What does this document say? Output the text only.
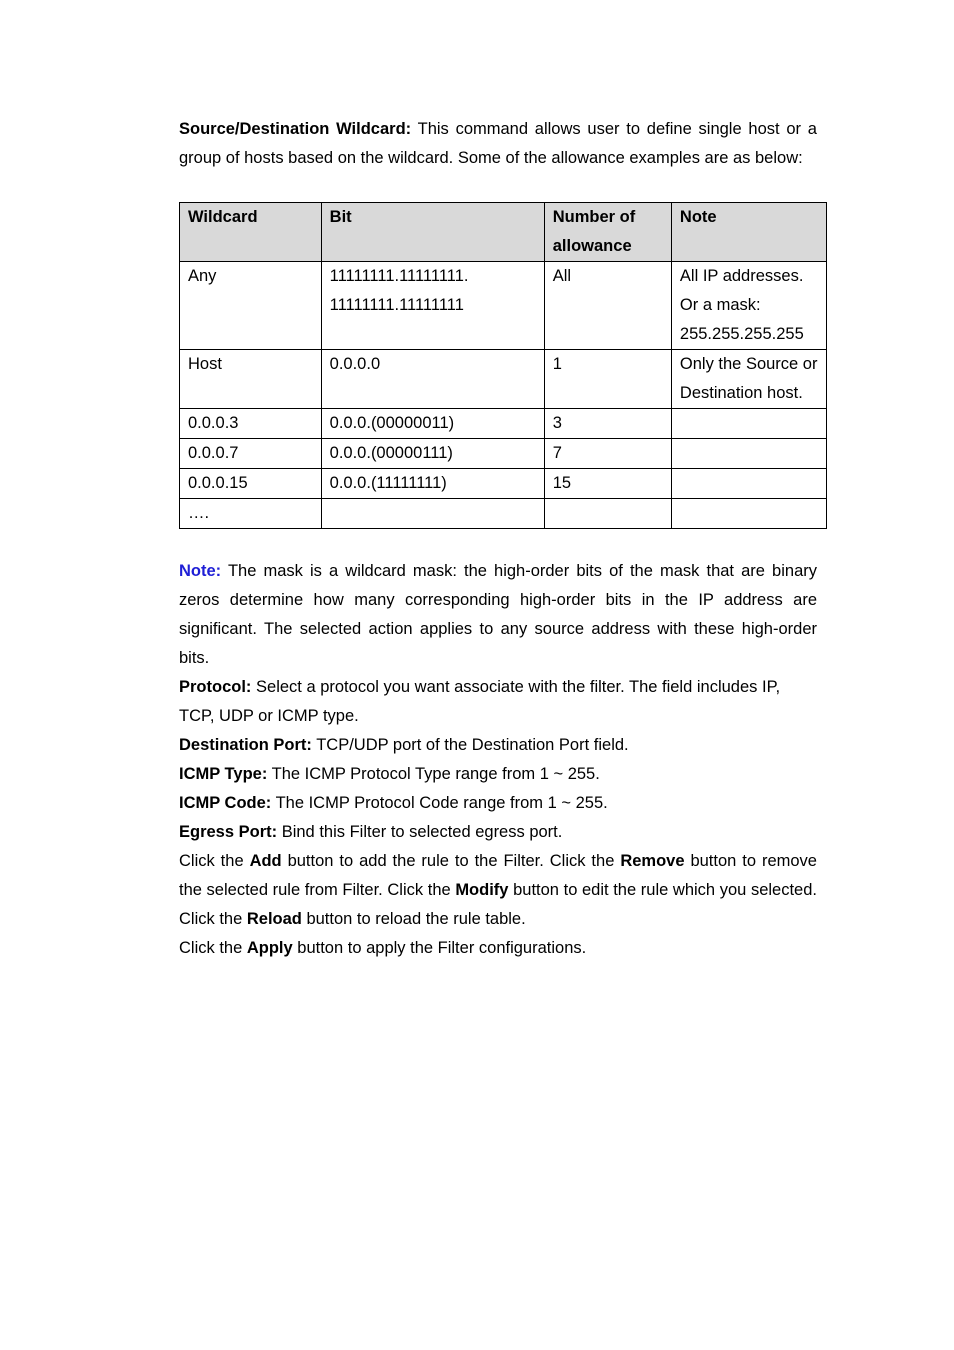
Source/Destination Wildcard: This command allows user to define single host or a group of hosts based on the wildcard. Some of the allowance examples are as below:

Wildcard	Bit	Number of allowance	Note
Any	11111111.11111111. 11111111.11111111	All	All IP addresses. Or a mask: 255.255.255.255
Host	0.0.0.0	1	Only the Source or Destination host.
0.0.0.3	0.0.0.(00000011)	3	
0.0.0.7	0.0.0.(00000111)	7	
0.0.0.15	0.0.0.(11111111)	15	
….			

Note: The mask is a wildcard mask: the high-order bits of the mask that are binary zeros determine how many corresponding high-order bits in the IP address are significant. The selected action applies to any source address with these high-order bits.

Protocol: Select a protocol you want associate with the filter. The field includes IP, TCP, UDP or ICMP type.

Destination Port: TCP/UDP port of the Destination Port field.

ICMP Type: The ICMP Protocol Type range from 1 ~ 255.

ICMP Code: The ICMP Protocol Code range from 1 ~ 255.

Egress Port: Bind this Filter to selected egress port.

Click the Add button to add the rule to the Filter. Click the Remove button to remove the selected rule from Filter. Click the Modify button to edit the rule which you selected. Click the Reload button to reload the rule table.

Click the Apply button to apply the Filter configurations.
